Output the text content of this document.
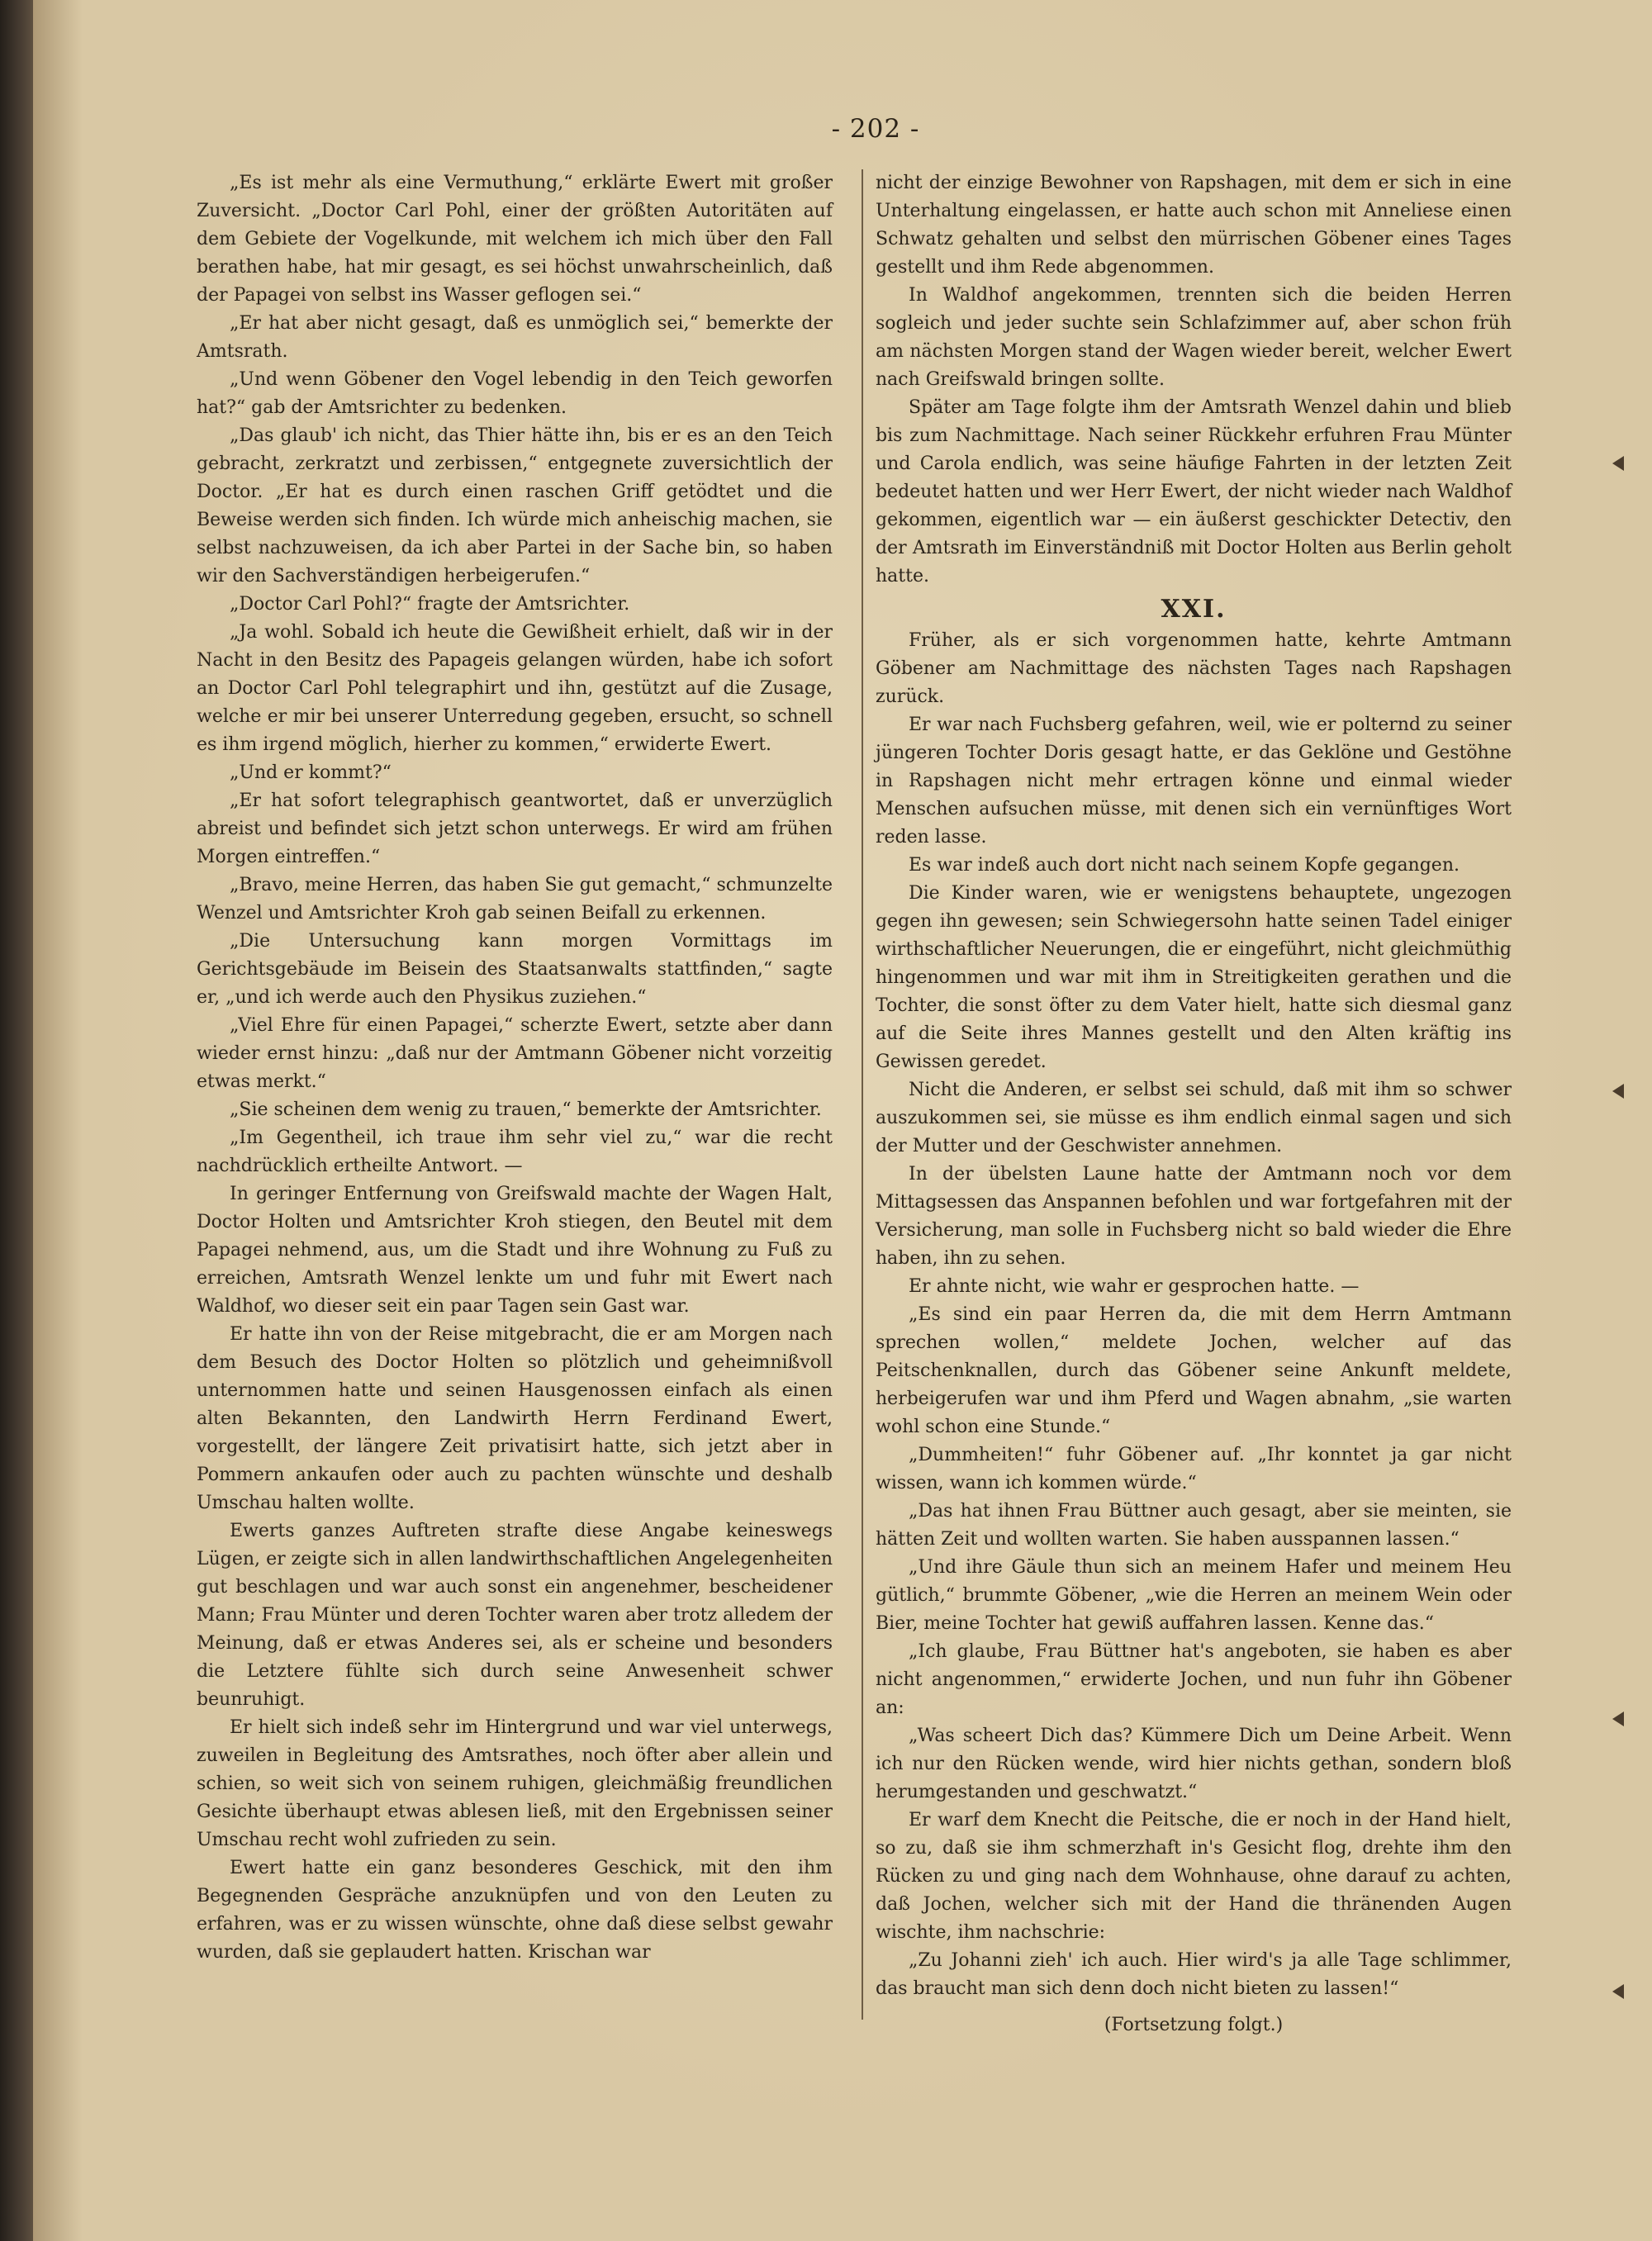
- 202 -

„Es ist mehr als eine Vermuthung,“ erklärte Ewert mit großer Zuversicht. „Doctor Carl Pohl, einer der größten Autoritäten auf dem Gebiete der Vogelkunde, mit welchem ich mich über den Fall berathen habe, hat mir gesagt, es sei höchst unwahrscheinlich, daß der Papagei von selbst ins Wasser geflogen sei.“

„Er hat aber nicht gesagt, daß es unmöglich sei,“ bemerkte der Amtsrath.

„Und wenn Göbener den Vogel lebendig in den Teich geworfen hat?“ gab der Amtsrichter zu bedenken.

„Das glaub' ich nicht, das Thier hätte ihn, bis er es an den Teich gebracht, zerkratzt und zerbissen,“ entgegnete zuversichtlich der Doctor. „Er hat es durch einen raschen Griff getödtet und die Beweise werden sich finden. Ich würde mich anheischig machen, sie selbst nachzuweisen, da ich aber Partei in der Sache bin, so haben wir den Sachverständigen herbeigerufen.“

„Doctor Carl Pohl?“ fragte der Amtsrichter.

„Ja wohl. Sobald ich heute die Gewißheit erhielt, daß wir in der Nacht in den Besitz des Papageis gelangen würden, habe ich sofort an Doctor Carl Pohl telegraphirt und ihn, gestützt auf die Zusage, welche er mir bei unserer Unterredung gegeben, ersucht, so schnell es ihm irgend möglich, hierher zu kommen,“ erwiderte Ewert.

„Und er kommt?“

„Er hat sofort telegraphisch geantwortet, daß er unverzüglich abreist und befindet sich jetzt schon unterwegs. Er wird am frühen Morgen eintreffen.“

„Bravo, meine Herren, das haben Sie gut gemacht,“ schmunzelte Wenzel und Amtsrichter Kroh gab seinen Beifall zu erkennen.

„Die Untersuchung kann morgen Vormittags im Gerichtsgebäude im Beisein des Staatsanwalts stattfinden,“ sagte er, „und ich werde auch den Physikus zuziehen.“

„Viel Ehre für einen Papagei,“ scherzte Ewert, setzte aber dann wieder ernst hinzu: „daß nur der Amtmann Göbener nicht vorzeitig etwas merkt.“

„Sie scheinen dem wenig zu trauen,“ bemerkte der Amtsrichter.

„Im Gegentheil, ich traue ihm sehr viel zu,“ war die recht nachdrücklich ertheilte Antwort. —

In geringer Entfernung von Greifswald machte der Wagen Halt, Doctor Holten und Amtsrichter Kroh stiegen, den Beutel mit dem Papagei nehmend, aus, um die Stadt und ihre Wohnung zu Fuß zu erreichen, Amtsrath Wenzel lenkte um und fuhr mit Ewert nach Waldhof, wo dieser seit ein paar Tagen sein Gast war.

Er hatte ihn von der Reise mitgebracht, die er am Morgen nach dem Besuch des Doctor Holten so plötzlich und geheimnißvoll unternommen hatte und seinen Hausgenossen einfach als einen alten Bekannten, den Landwirth Herrn Ferdinand Ewert, vorgestellt, der längere Zeit privatisirt hatte, sich jetzt aber in Pommern ankaufen oder auch zu pachten wünschte und deshalb Umschau halten wollte.

Ewerts ganzes Auftreten strafte diese Angabe keineswegs Lügen, er zeigte sich in allen landwirthschaftlichen Angelegenheiten gut beschlagen und war auch sonst ein angenehmer, bescheidener Mann; Frau Münter und deren Tochter waren aber trotz alledem der Meinung, daß er etwas Anderes sei, als er scheine und besonders die Letztere fühlte sich durch seine Anwesenheit schwer beunruhigt.

Er hielt sich indeß sehr im Hintergrund und war viel unterwegs, zuweilen in Begleitung des Amtsrathes, noch öfter aber allein und schien, so weit sich von seinem ruhigen, gleichmäßig freundlichen Gesichte überhaupt etwas ablesen ließ, mit den Ergebnissen seiner Umschau recht wohl zufrieden zu sein.

Ewert hatte ein ganz besonderes Geschick, mit den ihm Begegnenden Gespräche anzuknüpfen und von den Leuten zu erfahren, was er zu wissen wünschte, ohne daß diese selbst gewahr wurden, daß sie geplaudert hatten. Krischan war

nicht der einzige Bewohner von Rapshagen, mit dem er sich in eine Unterhaltung eingelassen, er hatte auch schon mit Anneliese einen Schwatz gehalten und selbst den mürrischen Göbener eines Tages gestellt und ihm Rede abgenommen.

In Waldhof angekommen, trennten sich die beiden Herren sogleich und jeder suchte sein Schlafzimmer auf, aber schon früh am nächsten Morgen stand der Wagen wieder bereit, welcher Ewert nach Greifswald bringen sollte.

Später am Tage folgte ihm der Amtsrath Wenzel dahin und blieb bis zum Nachmittage. Nach seiner Rückkehr erfuhren Frau Münter und Carola endlich, was seine häufige Fahrten in der letzten Zeit bedeutet hatten und wer Herr Ewert, der nicht wieder nach Waldhof gekommen, eigentlich war — ein äußerst geschickter Detectiv, den der Amtsrath im Einverständniß mit Doctor Holten aus Berlin geholt hatte.

XXI.

Früher, als er sich vorgenommen hatte, kehrte Amtmann Göbener am Nachmittage des nächsten Tages nach Rapshagen zurück.

Er war nach Fuchsberg gefahren, weil, wie er polternd zu seiner jüngeren Tochter Doris gesagt hatte, er das Geklöne und Gestöhne in Rapshagen nicht mehr ertragen könne und einmal wieder Menschen aufsuchen müsse, mit denen sich ein vernünftiges Wort reden lasse.

Es war indeß auch dort nicht nach seinem Kopfe gegangen.

Die Kinder waren, wie er wenigstens behauptete, ungezogen gegen ihn gewesen; sein Schwiegersohn hatte seinen Tadel einiger wirthschaftlicher Neuerungen, die er eingeführt, nicht gleichmüthig hingenommen und war mit ihm in Streitigkeiten gerathen und die Tochter, die sonst öfter zu dem Vater hielt, hatte sich diesmal ganz auf die Seite ihres Mannes gestellt und den Alten kräftig ins Gewissen geredet.

Nicht die Anderen, er selbst sei schuld, daß mit ihm so schwer auszukommen sei, sie müsse es ihm endlich einmal sagen und sich der Mutter und der Geschwister annehmen.

In der übelsten Laune hatte der Amtmann noch vor dem Mittagsessen das Anspannen befohlen und war fortgefahren mit der Versicherung, man solle in Fuchsberg nicht so bald wieder die Ehre haben, ihn zu sehen.

Er ahnte nicht, wie wahr er gesprochen hatte. —

„Es sind ein paar Herren da, die mit dem Herrn Amtmann sprechen wollen,“ meldete Jochen, welcher auf das Peitschenknallen, durch das Göbener seine Ankunft meldete, herbeigerufen war und ihm Pferd und Wagen abnahm, „sie warten wohl schon eine Stunde.“

„Dummheiten!“ fuhr Göbener auf. „Ihr konntet ja gar nicht wissen, wann ich kommen würde.“

„Das hat ihnen Frau Büttner auch gesagt, aber sie meinten, sie hätten Zeit und wollten warten. Sie haben ausspannen lassen.“

„Und ihre Gäule thun sich an meinem Hafer und meinem Heu gütlich,“ brummte Göbener, „wie die Herren an meinem Wein oder Bier, meine Tochter hat gewiß auffahren lassen. Kenne das.“

„Ich glaube, Frau Büttner hat's angeboten, sie haben es aber nicht angenommen,“ erwiderte Jochen, und nun fuhr ihn Göbener an:

„Was scheert Dich das? Kümmere Dich um Deine Arbeit. Wenn ich nur den Rücken wende, wird hier nichts gethan, sondern bloß herumgestanden und geschwatzt.“

Er warf dem Knecht die Peitsche, die er noch in der Hand hielt, so zu, daß sie ihm schmerzhaft in's Gesicht flog, drehte ihm den Rücken zu und ging nach dem Wohnhause, ohne darauf zu achten, daß Jochen, welcher sich mit der Hand die thränenden Augen wischte, ihm nachschrie:

„Zu Johanni zieh' ich auch. Hier wird's ja alle Tage schlimmer, das braucht man sich denn doch nicht bieten zu lassen!“

(Fortsetzung folgt.)
